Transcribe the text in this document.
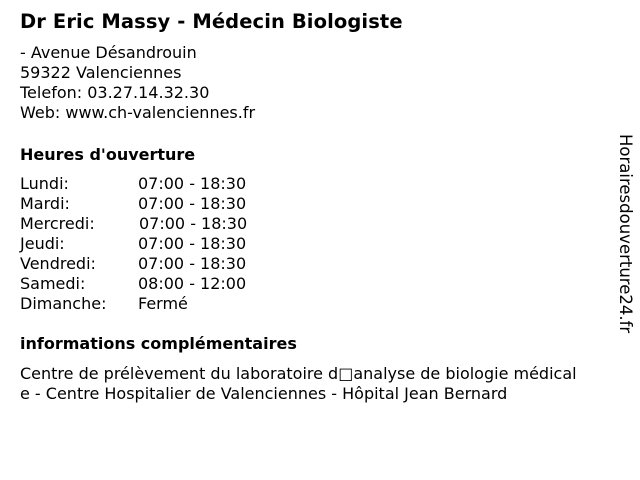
Dr Eric Massy - Médecin Biologiste
- Avenue Désandrouin
59322 Valenciennes
Telefon: 03.27.14.32.30
Web: www.ch-valenciennes.fr
Heures d'ouverture
Lundi:	07:00 - 18:30
Mardi:	07:00 - 18:30
Mercredi:	07:00 - 18:30
Jeudi:	07:00 - 18:30
Vendredi:	07:00 - 18:30
Samedi:	08:00 - 12:00
Dimanche: Fermé
informations complémentaires
Centre de prélèvement du laboratoire d□analyse de biologie médical
e - Centre Hospitalier de Valenciennes - Hôpital Jean Bernard
Horairesdouverture24.fr
